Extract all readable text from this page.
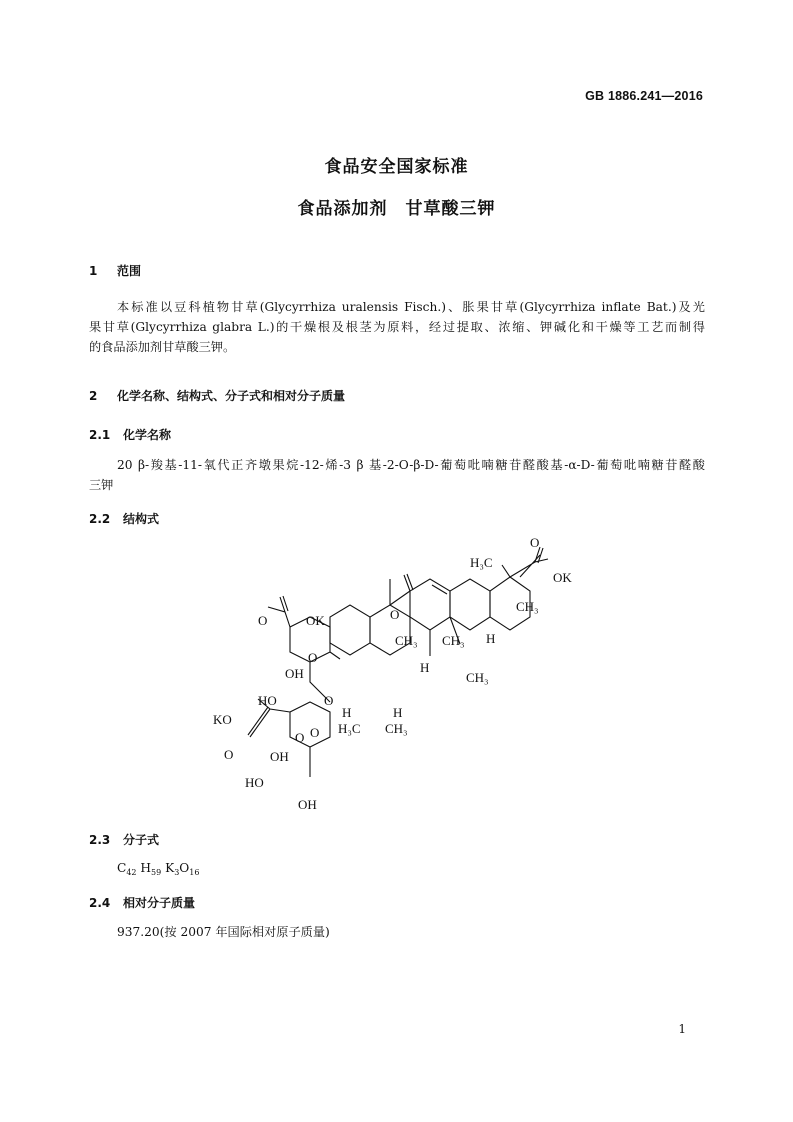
GB 1886.241—2016
食品安全国家标准
食品添加剂　甘草酸三钾
1 范围
本标准以豆科植物甘草(Glycyrrhiza uralensis Fisch.)、胀果甘草(Glycyrrhiza inflate Bat.)及光
果甘草(Glycyrrhiza glabra L.)的干燥根及根茎为原料，经过提取、浓缩、钾碱化和干燥等工艺而制得
的食品添加剂甘草酸三钾。
2 化学名称、结构式、分子式和相对分子质量
2.1 化学名称
20 β-羧基-11-氧代正齐墩果烷-12-烯-3 β 基-2-O-β-D-葡萄吡喃糖苷醛酸基-α-D-葡萄吡喃糖苷醛酸
三钾
2.2 结构式
O
H₃C
OK
CH₃
O
CH₃ CH₃ H
CH₃
H
O	OK
O
OH
HO	O
O
H	H
H₃C CH₃
KO
O
O
OH
HO
OH
2.3 分子式
$C_{42}$ $H_{59}$ $K_3O_{16}$
2.4 相对分子质量
937.20(按 2007 年国际相对原子质量)
1
